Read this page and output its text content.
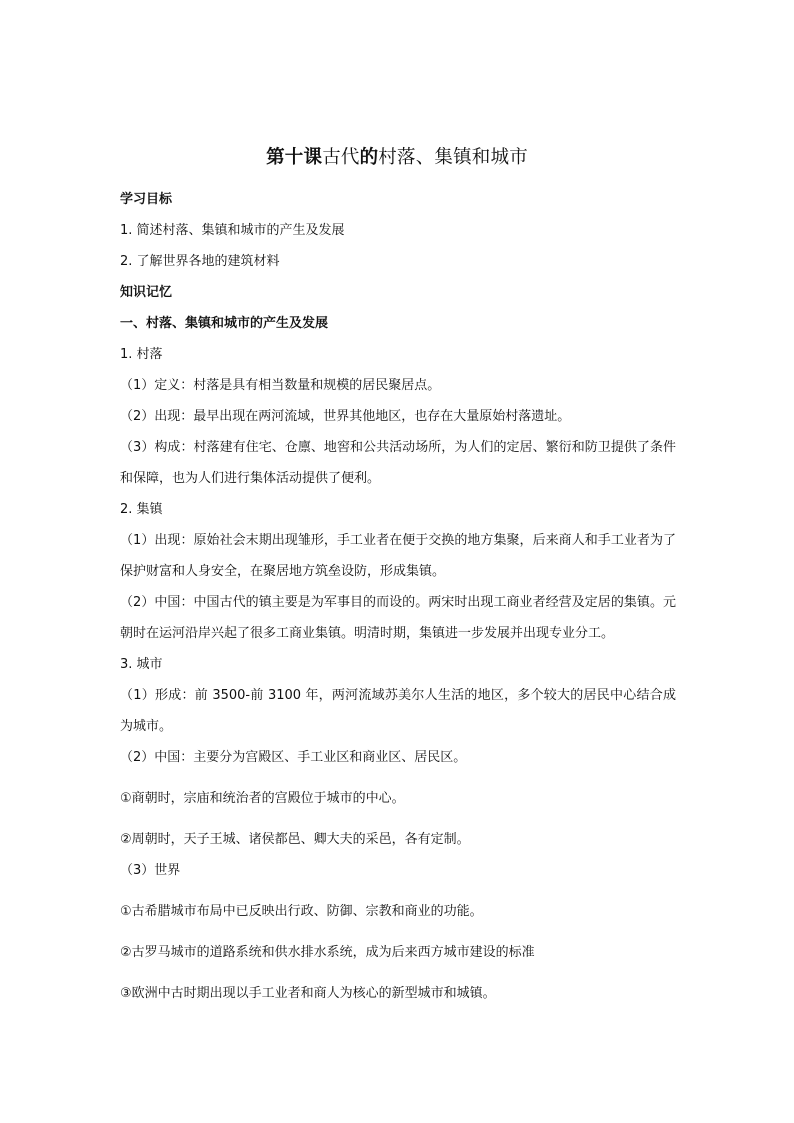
第十课古代的村落、集镇和城市

学习目标

1. 简述村落、集镇和城市的产生及发展

2. 了解世界各地的建筑材料

知识记忆

一、村落、集镇和城市的产生及发展

1. 村落

（1）定义：村落是具有相当数量和规模的居民聚居点。

（2）出现：最早出现在两河流域，世界其他地区，也存在大量原始村落遗址。

（3）构成：村落建有住宅、仓廪、地窖和公共活动场所，为人们的定居、繁衍和防卫提供了条件和保障，也为人们进行集体活动提供了便利。

2. 集镇

（1）出现：原始社会末期出现雏形，手工业者在便于交换的地方集聚，后来商人和手工业者为了保护财富和人身安全，在聚居地方筑垒设防，形成集镇。

（2）中国：中国古代的镇主要是为军事目的而设的。两宋时出现工商业者经营及定居的集镇。元朝时在运河沿岸兴起了很多工商业集镇。明清时期，集镇进一步发展并出现专业分工。

3. 城市

（1）形成：前 3500-前 3100 年，两河流域苏美尔人生活的地区，多个较大的居民中心结合成为城市。

（2）中国：主要分为宫殿区、手工业区和商业区、居民区。

①商朝时，宗庙和统治者的宫殿位于城市的中心。

②周朝时，天子王城、诸侯都邑、卿大夫的采邑，各有定制。

（3）世界

①古希腊城市布局中已反映出行政、防御、宗教和商业的功能。

②古罗马城市的道路系统和供水排水系统，成为后来西方城市建设的标准

③欧洲中古时期出现以手工业者和商人为核心的新型城市和城镇。
